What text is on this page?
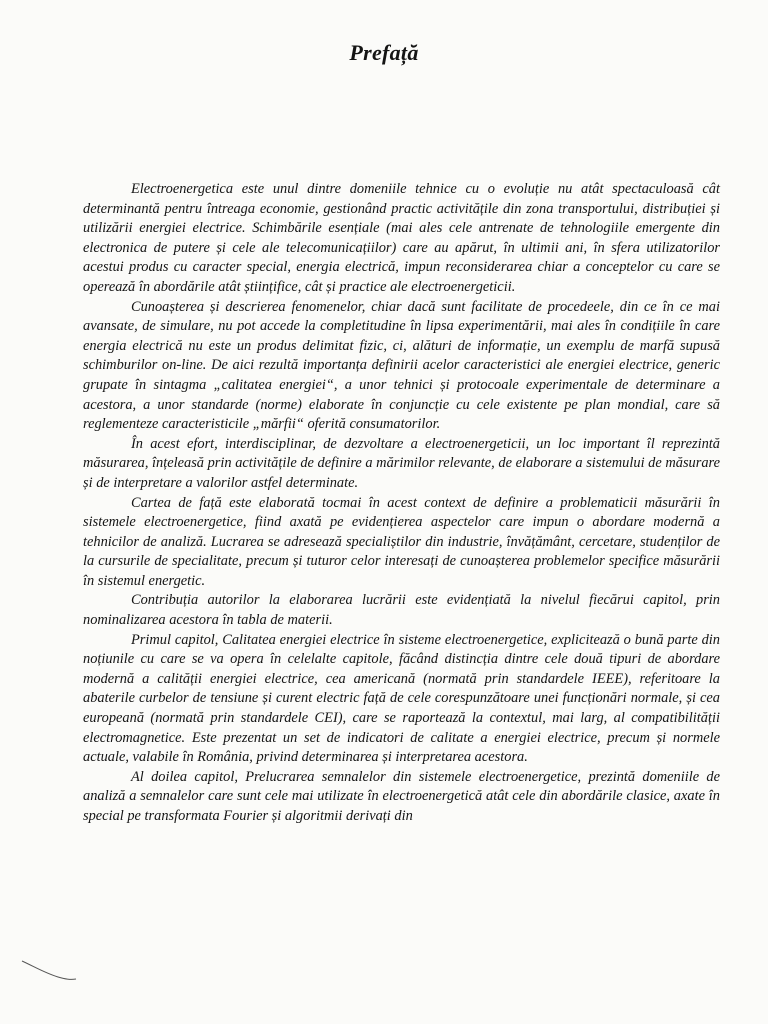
Prefață

Electroenergetica este unul dintre domeniile tehnice cu o evoluție nu atât spectaculoasă cât determinantă pentru întreaga economie, gestionând practic activitățile din zona transportului, distribuției și utilizării energiei electrice. Schimbările esențiale (mai ales cele antrenate de tehnologiile emergente din electronica de putere și cele ale telecomunicațiilor) care au apărut, în ultimii ani, în sfera utilizatorilor acestui produs cu caracter special, energia electrică, impun reconsiderarea chiar a conceptelor cu care se operează în abordările atât științifice, cât și practice ale electroenergeticii.

Cunoașterea și descrierea fenomenelor, chiar dacă sunt facilitate de procedeele, din ce în ce mai avansate, de simulare, nu pot accede la completitudine în lipsa experimentării, mai ales în condițiile în care energia electrică nu este un produs delimitat fizic, ci, alături de informație, un exemplu de marfă supusă schimburilor on-line. De aici rezultă importanța definirii acelor caracteristici ale energiei electrice, generic grupate în sintagma „calitatea energiei“, a unor tehnici și protocoale experimentale de determinare a acestora, a unor standarde (norme) elaborate în conjuncție cu cele existente pe plan mondial, care să reglementeze caracteristicile „mărfii“ oferită consumatorilor.

În acest efort, interdisciplinar, de dezvoltare a electroenergeticii, un loc important îl reprezintă măsurarea, înțeleasă prin activitățile de definire a mărimilor relevante, de elaborare a sistemului de măsurare și de interpretare a valorilor astfel determinate.

Cartea de față este elaborată tocmai în acest context de definire a problematicii măsurării în sistemele electroenergetice, fiind axată pe evidențierea aspectelor care impun o abordare modernă a tehnicilor de analiză. Lucrarea se adresează specialiștilor din industrie, învățământ, cercetare, studenților de la cursurile de specialitate, precum și tuturor celor interesați de cunoașterea problemelor specifice măsurării în sistemul energetic.

Contribuția autorilor la elaborarea lucrării este evidențiată la nivelul fiecărui capitol, prin nominalizarea acestora în tabla de materii.

Primul capitol, Calitatea energiei electrice în sisteme electroenergetice, explicitează o bună parte din noțiunile cu care se va opera în celelalte capitole, făcând distincția dintre cele două tipuri de abordare modernă a calității energiei electrice, cea americană (normată prin standardele IEEE), referitoare la abaterile curbelor de tensiune și curent electric față de cele corespunzătoare unei funcționări normale, și cea europeană (normată prin standardele CEI), care se raportează la contextul, mai larg, al compatibilității electromagnetice. Este prezentat un set de indicatori de calitate a energiei electrice, precum și normele actuale, valabile în România, privind determinarea și interpretarea acestora.

Al doilea capitol, Prelucrarea semnalelor din sistemele electroenergetice, prezintă domeniile de analiză a semnalelor care sunt cele mai utilizate în electroenergetică atât cele din abordările clasice, axate în special pe transformata Fourier și algoritmii derivați din
